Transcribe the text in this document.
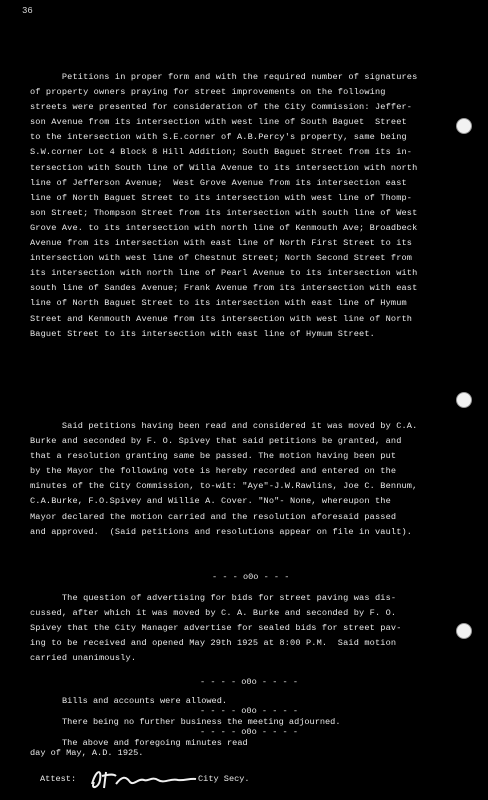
36
Petitions in proper form and with the required number of signatures
of property owners praying for street improvements on the following
streets were presented for consideration of the City Commission: Jeffer-
son Avenue from its intersection with west line of South Baguet  Street
to the intersection with S.E.corner of A.B.Percy's property, same being
S.W.corner Lot 4 Block 8 Hill Addition; South Baguet Street from its in-
tersection with South line of Willa Avenue to its intersection with north
line of Jefferson Avenue;  West Grove Avenue from its intersection east
line of North Baguet Street to its intersection with west line of Thomp-
son Street; Thompson Street from its intersection with south line of West
Grove Ave. to its intersection with north line of Kenmouth Ave; Broadbeck
Avenue from its intersection with east line of North First Street to its
intersection with west line of Chestnut Street; North Second Street from
its intersection with north line of Pearl Avenue to its intersection with
south line of Sandes Avenue; Frank Avenue from its intersection with east
line of North Baguet Street to its intersection with east line of Hymum
Street and Kenmouth Avenue from its intersection with west line of North
Baguet Street to its intersection with east line of Hymum Street.
Said petitions having been read and considered it was moved by C.A.
Burke and seconded by F. O. Spivey that said petitions be granted, and
that a resolution granting same be passed. The motion having been put
by the Mayor the following vote is hereby recorded and entered on the
minutes of the City Commission, to-wit: "Aye"-J.W.Rawlins, Joe C. Bennum,
C.A.Burke, F.O.Spivey and Willie A. Cover. "No"- None, whereupon the
Mayor declared the motion carried and the resolution aforesaid passed
and approved.  (Said petitions and resolutions appear on file in vault).
- - - o0o - - -
The question of advertising for bids for street paving was dis-
cussed, after which it was moved by C. A. Burke and seconded by F. O.
Spivey that the City Manager advertise for sealed bids for street pav-
ing to be received and opened May 29th 1925 at 8:00 P.M.  Said motion
carried unanimously.
- - - - o0o - - - -
Bills and accounts were allowed.
- - - - o0o - - - -
There being no further business the meeting adjourned.
- - - - o0o - - - -
The above and foregoing minutes read
day of May, A.D. 1925.
Attest:	City Secy.
